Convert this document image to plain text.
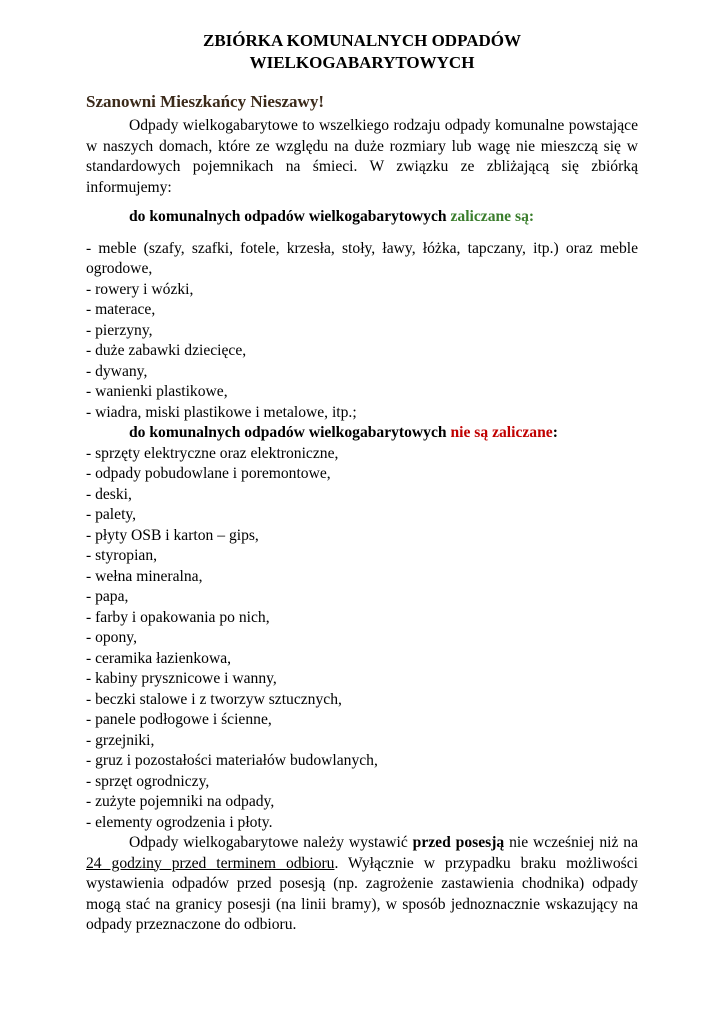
ZBIÓRKA KOMUNALNYCH ODPADÓW
WIELKOGABARYTOWYCH

Szanowni Mieszkańcy Nieszawy!

Odpady wielkogabarytowe to wszelkiego rodzaju odpady komunalne powstające w naszych domach, które ze względu na duże rozmiary lub wagę nie mieszczą się w standardowych pojemnikach na śmieci. W związku ze zbliżającą się zbiórką informujemy:

do komunalnych odpadów wielkogabarytowych zaliczane są:

- meble (szafy, szafki, fotele, krzesła, stoły, ławy, łóżka, tapczany, itp.) oraz meble ogrodowe,
- rowery i wózki,
- materace,
- pierzyny,
- duże zabawki dziecięce,
- dywany,
- wanienki plastikowe,
- wiadra, miski plastikowe i metalowe, itp.;

do komunalnych odpadów wielkogabarytowych nie są zaliczane:

- sprzęty elektryczne oraz elektroniczne,
- odpady pobudowlane i poremontowe,
- deski,
- palety,
- płyty OSB i karton – gips,
- styropian,
- wełna mineralna,
- papa,
- farby i opakowania po nich,
- opony,
- ceramika łazienkowa,
- kabiny prysznicowe i wanny,
- beczki stalowe i z tworzyw sztucznych,
- panele podłogowe i ścienne,
- grzejniki,
- gruz i pozostałości materiałów budowlanych,
- sprzęt ogrodniczy,
- zużyte pojemniki na odpady,
- elementy ogrodzenia i płoty.

Odpady wielkogabarytowe należy wystawić przed posesją nie wcześniej niż na 24 godziny przed terminem odbioru. Wyłącznie w przypadku braku możliwości wystawienia odpadów przed posesją (np. zagrożenie zastawienia chodnika) odpady mogą stać na granicy posesji (na linii bramy), w sposób jednoznacznie wskazujący na odpady przeznaczone do odbioru.
